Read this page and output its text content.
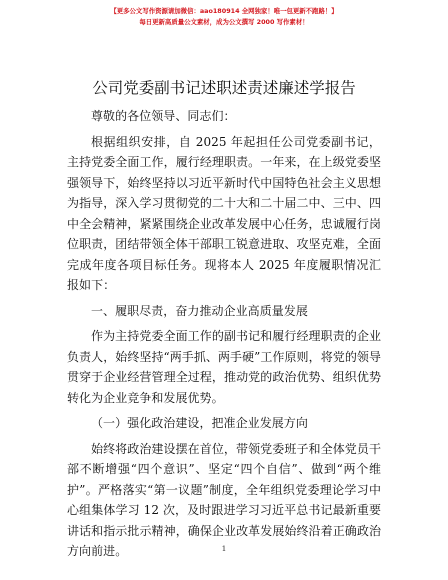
【更多公文写作资源请加微信：aao180914 全网独家！唯一包更新不跑路！】
每日更新高质量公文素材，成为公文撰写 2000 写作素材！
公司党委副书记述职述责述廉述学报告

尊敬的各位领导、同志们：

根据组织安排，自 2025 年起担任公司党委副书记，主持党委全面工作，履行经理职责。一年来，在上级党委坚强领导下，始终坚持以习近平新时代中国特色社会主义思想为指导，深入学习贯彻党的二十大和二十届二中、三中、四中全会精神，紧紧围绕企业改革发展中心任务，忠诚履行岗位职责，团结带领全体干部职工锐意进取、攻坚克难，全面完成年度各项目标任务。现将本人 2025 年度履职情况汇报如下：

一、履职尽责，奋力推动企业高质量发展

作为主持党委全面工作的副书记和履行经理职责的企业负责人，始终坚持“两手抓、两手硬”工作原则，将党的领导贯穿于企业经营管理全过程，推动党的政治优势、组织优势转化为企业竞争和发展优势。

（一）强化政治建设，把准企业发展方向

始终将政治建设摆在首位，带领党委班子和全体党员干部不断增强“四个意识”、坚定“四个自信”、做到“两个维护”。严格落实“第一议题”制度，全年组织党委理论学习中心组集体学习 12 次，及时跟进学习习近平总书记最新重要讲话和指示批示精神，确保企业改革发展始终沿着正确政治方向前进。	1
